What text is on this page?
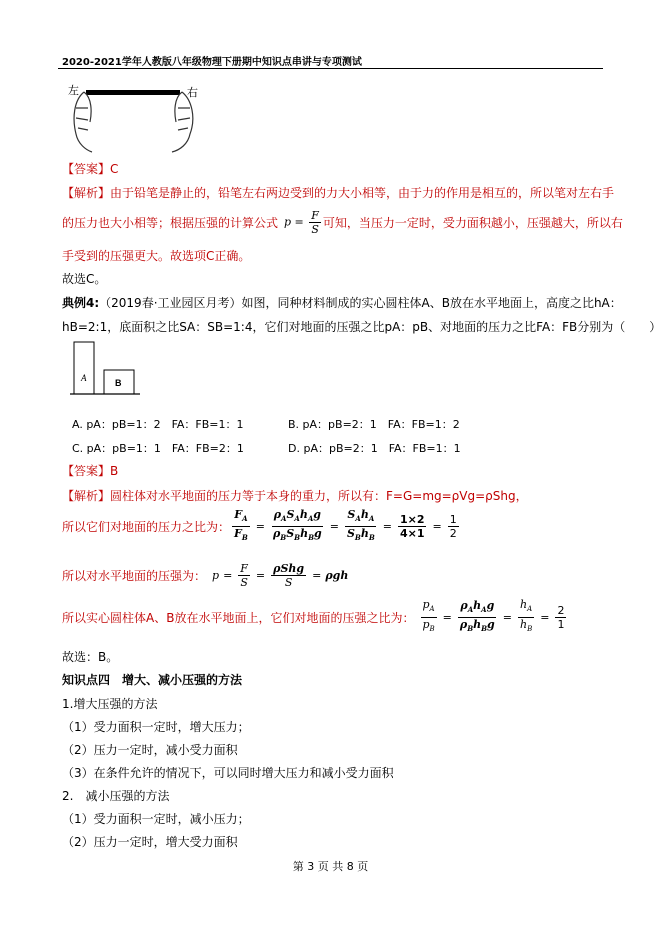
2020-2021学年人教版八年级物理下册期中知识点串讲与专项测试
左	右
【答案】C
【解析】由于铅笔是静止的，铅笔左右两边受到的力大小相等，由于力的作用是相互的，所以笔对左右手
的压力也大小相等；根据压强的计算公式 $p = \frac{F}{S}$ 可知，当压力一定时，受力面积越小，压强越大，所以右
手受到的压强更大。故选项C正确。
故选C。
典例4:（2019春·工业园区月考）如图，同种材料制成的实心圆柱体A、B放在水平地面上，高度之比hA：
hB=2:1，底面积之比SA：SB=1:4，它们对地面的压强之比pA：pB、对地面的压力之比FA：FB分别为（　　）
A	B
A. pA：pB=1：2　FA：FB=1：1	B. pA：pB=2：1　FA：FB=1：2
C. pA：pB=1：1　FA：FB=2：1	D. pA：pB=2：1　FA：FB=1：1
【答案】B
【解析】圆柱体对水平地面的压力等于本身的重力，所以有：F=G=mg=ρVg=ρShg，
所以它们对地面的压力之比为： $\frac{F_A}{F_B} = \frac{\rho_AS_Ah_Ag}{\rho_BS_Bh_Bg} = \frac{S_Ah_A}{S_Bh_B} = \frac{1\times 2}{4\times 1} = \frac{1}{2}$
所以对水平地面的压强为： $p = \frac{F}{S} = \frac{\text{ρShg}}{S} = \rho gh$
所以实心圆柱体A、B放在水平地面上，它们对地面的压强之比为： $\frac{p_A}{p_B} = \frac{\rho_Ah_Ag}{\rho_Bh_Bg} = \frac{h_A}{h_B} = \frac{2}{1}$
故选：B。
知识点四　增大、减小压强的方法
1.增大压强的方法
（1）受力面积一定时，增大压力；
（2）压力一定时，减小受力面积
（3）在条件允许的情况下，可以同时增大压力和减小受力面积
2.　减小压强的方法
（1）受力面积一定时，减小压力；
（2）压力一定时，增大受力面积
第 3 页 共 8 页
